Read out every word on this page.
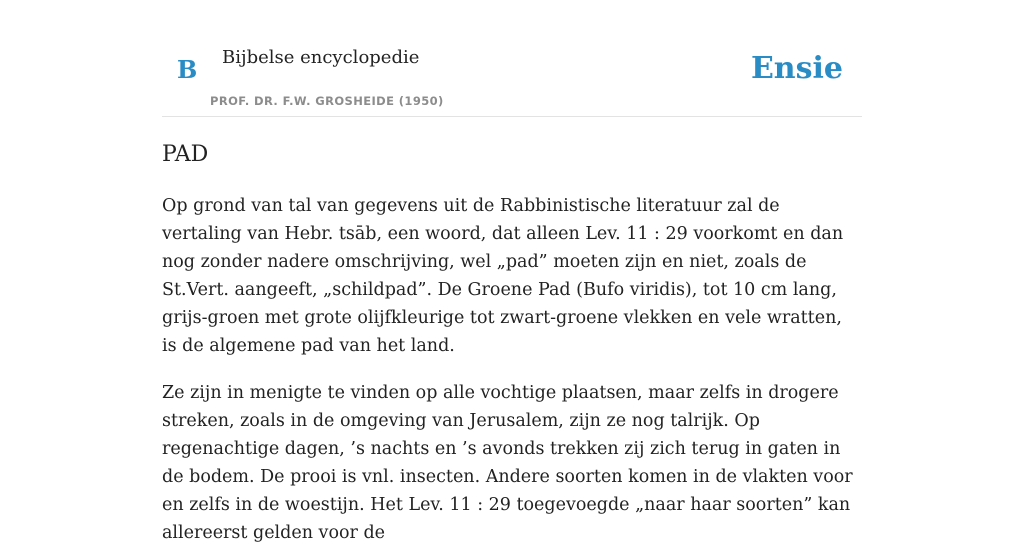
B Bijbelse encyclopedie
PROF. DR. F.W. GROSHEIDE (1950)
Ensie
PAD

Op grond van tal van gegevens uit de Rabbinistische literatuur zal de vertaling van Hebr. tsāb, een woord, dat alleen Lev. 11 : 29 voorkomt en dan nog zonder nadere omschrijving, wel „pad” moeten zijn en niet, zoals de St.Vert. aangeeft, „schildpad”. De Groene Pad (Bufo viridis), tot 10 cm lang, grijs-groen met grote olijfkleurige tot zwart-groene vlekken en vele wratten, is de algemene pad van het land.

Ze zijn in menigte te vinden op alle vochtige plaatsen, maar zelfs in drogere streken, zoals in de omgeving van Jerusalem, zijn ze nog talrijk. Op regenachtige dagen, ’s nachts en ’s avonds trekken zij zich terug in gaten in de bodem. De prooi is vnl. insecten. Andere soorten komen in de vlakten voor en zelfs in de woestijn. Het Lev. 11 : 29 toegevoegde „naar haar soorten” kan allereerst gelden voor de
